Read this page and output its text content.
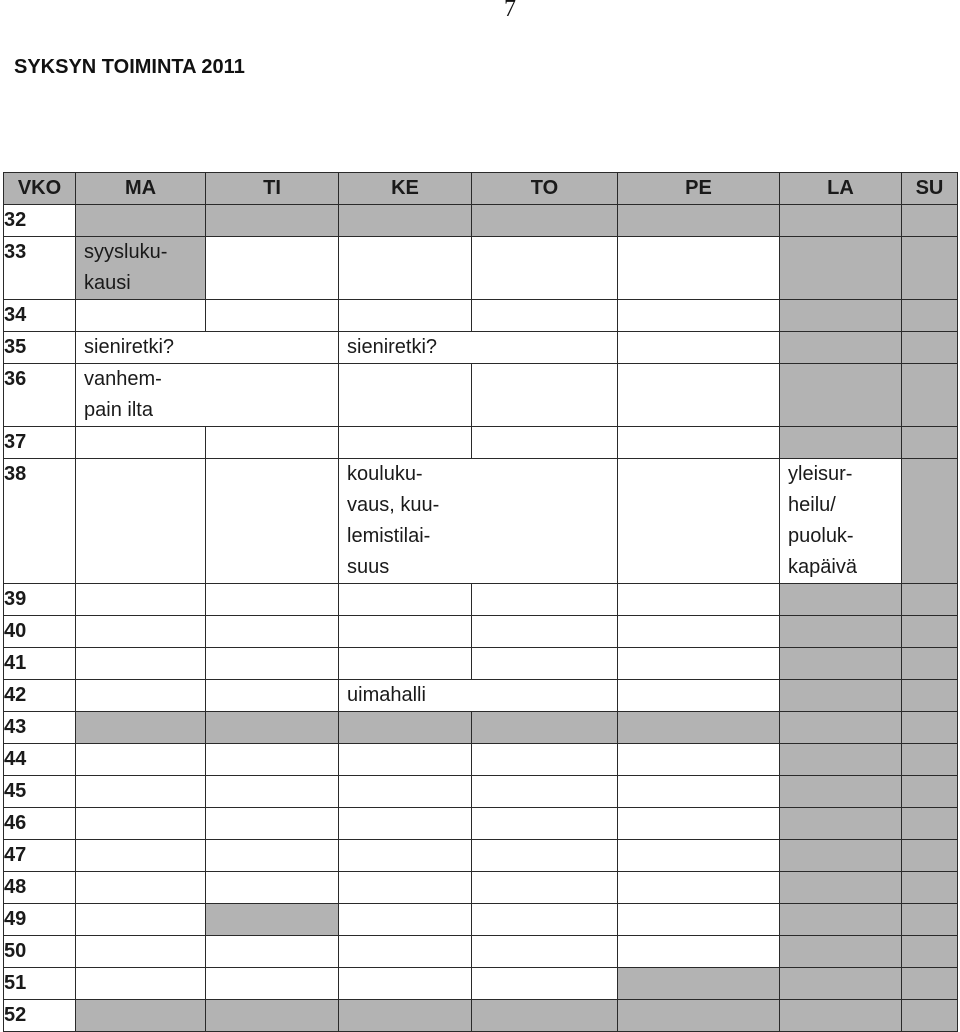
7
SYKSYN TOIMINTA 2011
VKO	MA	TI	KE	TO	PE	LA	SU
32							
33	syysluku-
kausi						

34							
35	sieniretki?		sieniretki?				

36	vanhem-
pain ilta						

37							
38			kouluku-
vaus, kuu-
lemistilai-
suus			yleisur-
heilu/
puoluk-
kapäivä	

39							
40							
41							
42			uimahalli				

43							
44							
45							
46							
47							
48							
49							
50							
51							
52							
